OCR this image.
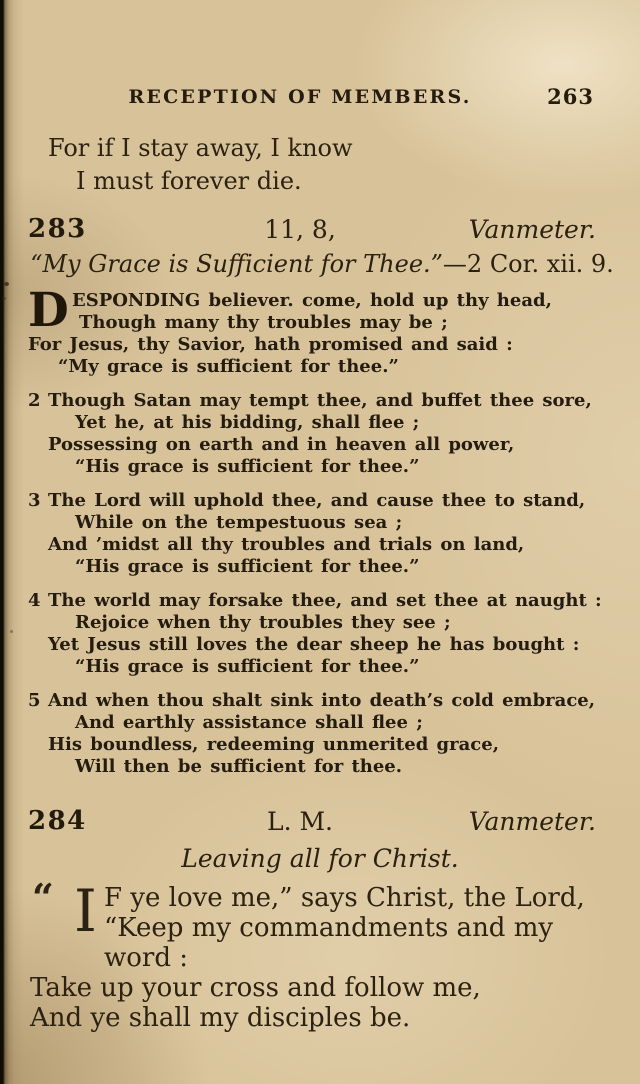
RECEPTION OF MEMBERS.	263
For if I stay away, I know
I must forever die.
283	11, 8,	Vanmeter.
“My Grace is Sufficient for Thee.”—2 Cor. xii. 9.
D ESPONDING believer. come, hold up thy head,
Though many thy troubles may be ;
For Jesus, thy Savior, hath promised and said :
“My grace is sufficient for thee.”
2 Though Satan may tempt thee, and buffet thee sore,
Yet he, at his bidding, shall flee ;
Possessing on earth and in heaven all power,
“His grace is sufficient for thee.”
3 The Lord will uphold thee, and cause thee to stand,
While on the tempestuous sea ;
And ’midst all thy troubles and trials on land,
“His grace is sufficient for thee.”
4 The world may forsake thee, and set thee at naught :
Rejoice when thy troubles they see ;
Yet Jesus still loves the dear sheep he has bought :
“His grace is sufficient for thee.”
5 And when thou shalt sink into death’s cold embrace,
And earthly assistance shall flee ;
His boundless, redeeming unmerited grace,
Will then be sufficient for thee.
284	L. M.	Vanmeter.
Leaving all for Christ.
“ I F ye love me,” says Christ, the Lord,
“Keep my commandments and my word :
Take up your cross and follow me,
And ye shall my disciples be.
